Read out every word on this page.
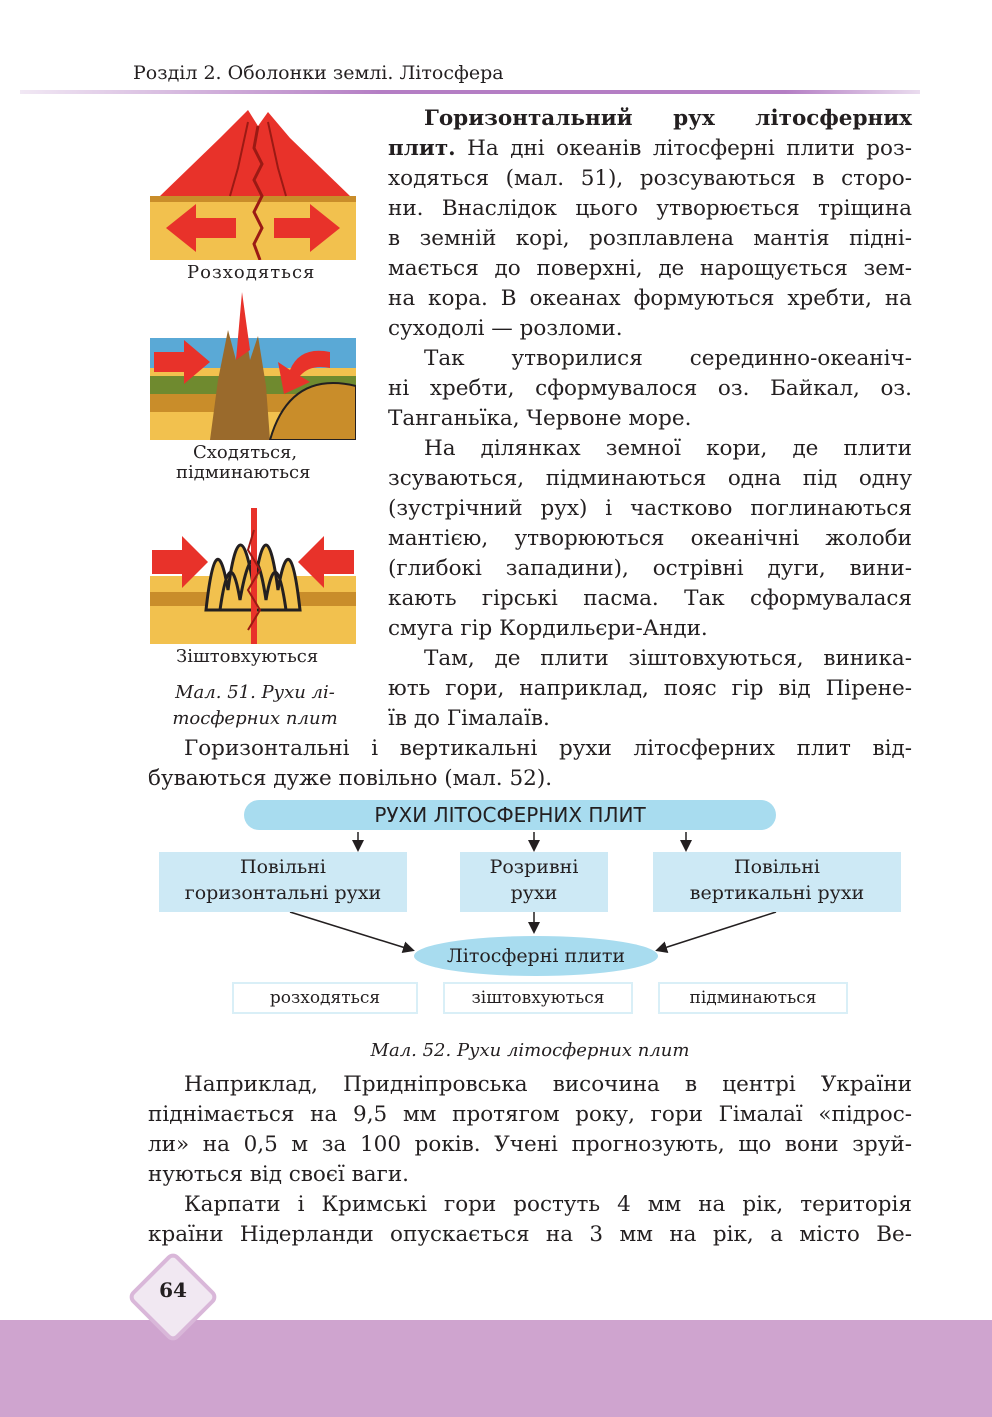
Розділ 2. Оболонки землі. Літосфера
Розходяться
Сходяться,
підминаються
Зіштовхуються
Мал. 51. Рухи лі-
тосферних плит
Горизонтальний рух літосферних
плит. На дні океанів літосферні плити роз-
ходяться (мал. 51), розсуваються в сторо-
ни. Внаслідок цього утворюється тріщина
в земній корі, розплавлена мантія підні-
мається до поверхні, де нарощується зем-
на кора. В океанах формуються хребти, на
суходолі — розломи.
Так утворилися серединно-океаніч-
ні хребти, сформувалося оз. Байкал, оз.
Танганьїка, Червоне море.
На ділянках земної кори, де плити
зсуваються, підминаються одна під одну
(зустрічний рух) і частково поглинаються
мантією, утворюються океанічні жолоби
(глибокі западини), острівні дуги, вини-
кають гірські пасма. Так сформувалася
смуга гір Кордильєри-Анди.
Там, де плити зіштовхуються, виника-
ють гори, наприклад, пояс гір від Пірене-
їв до Гімалаїв.
Горизонтальні і вертикальні рухи літосферних плит від-
буваються дуже повільно (мал. 52).
РУХИ ЛІТОСФЕРНИХ ПЛИТ
Повільні
горизонтальні рухи
Розривні
рухи
Повільні
вертикальні рухи
Літосферні плити
розходяться	зіштовхуються	підминаються
Мал. 52. Рухи літосферних плит
Наприклад, Придніпровська височина в центрі України
піднімається на 9,5 мм протягом року, гори Гімалаї «підрос-
ли» на 0,5 м за 100 років. Учені прогнозують, що вони зруй-
нуються від своєї ваги.
Карпати і Кримські гори ростуть 4 мм на рік, територія
країни Нідерланди опускається на 3 мм на рік, а місто Ве-
64
